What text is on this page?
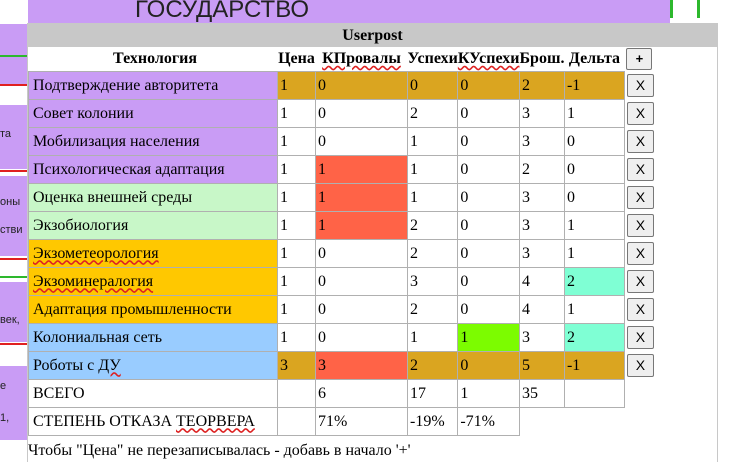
ГОСУДАРСТВО
та
оны
стви
век,
е
1,
Userpost
Технология	Цена	КПровалы	Успехи	КУспехи	Брош.	Дельта	+

Подтверждение авторитета	1	0	0	0	2	-1	X

Совет колонии	1	0	2	0	3	1	X

Мобилизация населения	1	0	1	0	3	0	X

Психологическая адаптация	1	1	1	0	2	0	X

Оценка внешней среды	1	1	1	0	3	0	X

Экзобиология	1	1	2	0	3	1	X

Экзометеорология	1	0	2	0	3	1	X

Экзоминералогия	1	0	3	0	4	2	X

Адаптация промышленности	1	0	2	0	4	1	X

Колониальная сеть	1	0	1	1	3	2	X

Роботы с ДУ	3	3	2	0	5	-1	X

ВСЕГО		6	17	1	35		
СТЕПЕНЬ ОТКАЗА ТЕОРВЕРА		71%	-19%	-71%			
Чтобы "Цена" не перезаписывалась - добавь в начало '+'
